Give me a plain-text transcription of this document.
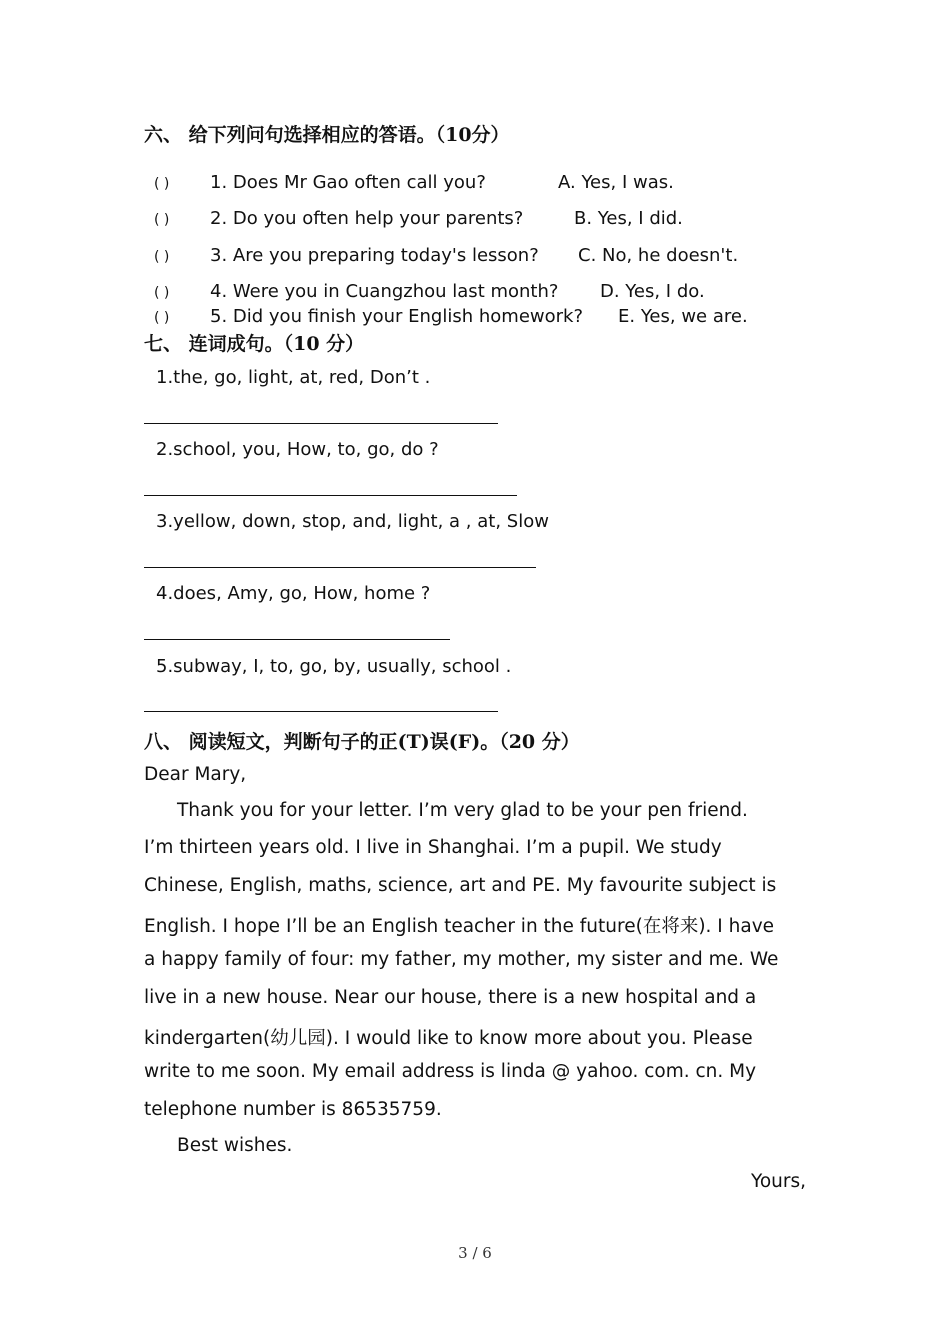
六、 给下列问句选择相应的答语。（10分）
( ) 1. Does Mr Gao often call you?	A. Yes, I was.
( ) 2. Do you often help your parents?	B. Yes, I did.
( ) 3. Are you preparing today's lesson? C. No, he doesn't.
( ) 4. Were you in Cuangzhou last month? D. Yes, I do.
( ) 5. Did you finish your English homework? E. Yes, we are.
七、 连词成句。（10 分）
1.the, go, light, at, red, Don’t .
2.school, you, How, to, go, do ?
3.yellow, down, stop, and, light, a , at, Slow
4.does, Amy, go, How, home ?
5.subway, I, to, go, by, usually, school .
八、 阅读短文，判断句子的正(T)误(F)。（20 分）
Dear Mary,
Thank you for your letter. I’m very glad to be your pen friend.
I’m thirteen years old. I live in Shanghai. I’m a pupil. We study
Chinese, English, maths, science, art and PE. My favourite subject is
English. I hope I’ll be an English teacher in the future(在将来). I have
a happy family of four: my father, my mother, my sister and me. We
live in a new house. Near our house, there is a new hospital and a
kindergarten(幼儿园). I would like to know more about you. Please
write to me soon. My email address is linda @ yahoo. com. cn. My
telephone number is 86535759.
Best wishes.
Yours,
3 / 6
